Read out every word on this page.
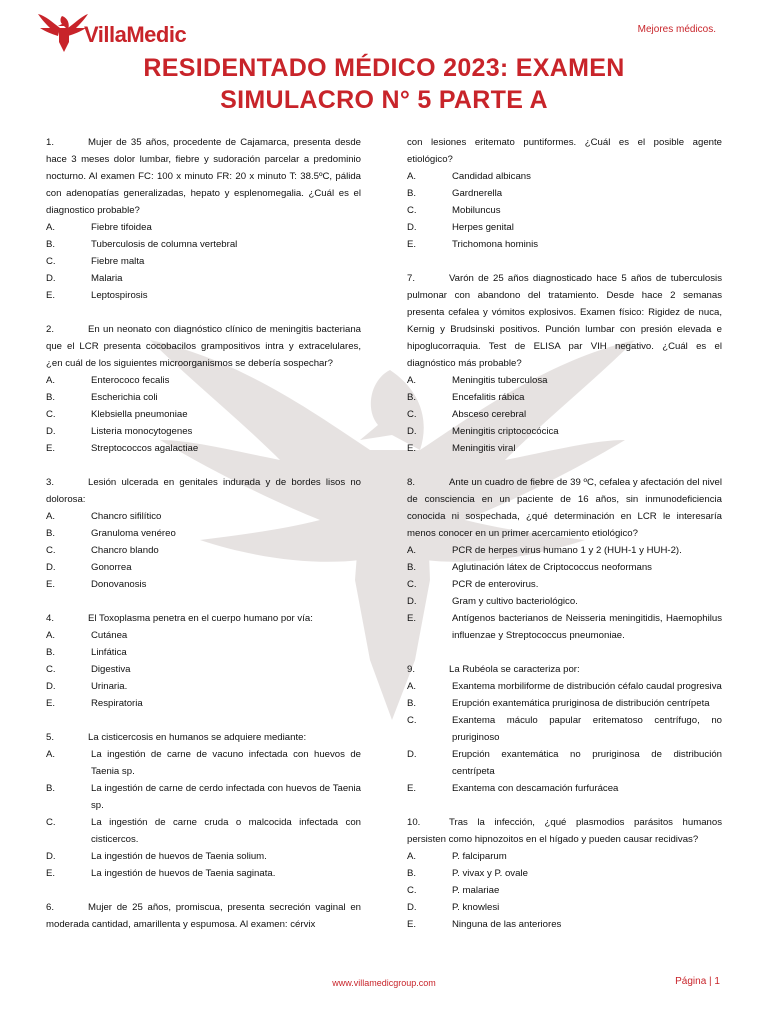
VillaMedic	Mejores médicos.
RESIDENTADO MÉDICO 2023: EXAMEN
SIMULACRO N° 5 PARTE A
1.	Mujer de 35 años, procedente de Cajamarca, presenta desde hace 3 meses dolor lumbar, fiebre y sudoración parcelar a predominio nocturno. Al examen FC: 100 x minuto FR: 20 x minuto T: 38.5ºC, pálida con adenopatías generalizadas, hepato y esplenomegalia. ¿Cuál es el diagnostico probable?
A.	Fiebre tifoidea
B.	Tuberculosis de columna vertebral
C.	Fiebre malta
D.	Malaria
E.	Leptospirosis
2.	En un neonato con diagnóstico clínico de meningitis bacteriana que el LCR presenta cocobacilos grampositivos intra y extracelulares, ¿en cuál de los siguientes microorganismos se debería sospechar?
A.	Enterococo fecalis
B.	Escherichia coli
C.	Klebsiella pneumoniae
D.	Listeria monocytogenes
E.	Streptococcos agalactiae
3.	Lesión ulcerada en genitales indurada y de bordes lisos no dolorosa:
A.	Chancro sifilítico
B.	Granuloma venéreo
C.	Chancro blando
D.	Gonorrea
E.	Donovanosis
4.	El Toxoplasma penetra en el cuerpo humano por vía:
A.	Cutánea
B.	Linfática
C.	Digestiva
D.	Urinaria.
E.	Respiratoria
5.	La cisticercosis en humanos se adquiere mediante:
A.	La ingestión de carne de vacuno infectada con huevos de Taenia sp.
B.	La ingestión de carne de cerdo infectada con huevos de Taenia sp.
C.	La ingestión de carne cruda o malcocida infectada con cisticercos.
D.	La ingestión de huevos de Taenia solium.
E.	La ingestión de huevos de Taenia saginata.
6.	Mujer de 25 años, promiscua, presenta secreción vaginal en moderada cantidad, amarillenta y espumosa. Al examen: cérvix
con lesiones eritemato puntiformes. ¿Cuál es el posible agente etiológico?
A.	Candidad albicans
B.	Gardnerella
C.	Mobiluncus
D.	Herpes genital
E.	Trichomona hominis
7.	Varón de 25 años diagnosticado hace 5 años de tuberculosis pulmonar con abandono del tratamiento. Desde hace 2 semanas presenta cefalea y vómitos explosivos. Examen físico: Rigidez de nuca, Kernig y Brudsinski positivos. Punción lumbar con presión elevada e hipoglucorraquia. Test de ELISA par VIH negativo. ¿Cuál es el diagnóstico más probable?
A.	Meningitis tuberculosa
B.	Encefalitis rábica
C.	Absceso cerebral
D.	Meningitis criptococócica
E.	Meningitis viral
8.	Ante un cuadro de fiebre de 39 ºC, cefalea y afectación del nivel de consciencia en un paciente de 16 años, sin inmunodeficiencia conocida ni sospechada, ¿qué determinación en LCR le interesaría menos conocer en un primer acercamiento etiológico?
A.	PCR de herpes virus humano 1 y 2 (HUH-1 y HUH-2).
B.	Aglutinación látex de Criptococcus neoformans
C.	PCR de enterovirus.
D.	Gram y cultivo bacteriológico.
E.	Antígenos bacterianos de Neisseria meningitidis, Haemophilus influenzae y Streptococcus pneumoniae.
9.	La Rubéola se caracteriza por:
A.	Exantema morbiliforme de distribución céfalo caudal progresiva
B.	Erupción exantemática pruriginosa de distribución centrípeta
C.	Exantema máculo papular eritematoso centrífugo, no pruriginoso
D.	Erupción exantemática no pruriginosa de distribución centrípeta
E.	Exantema con descamación furfurácea
10.	Tras la infección, ¿qué plasmodios parásitos humanos persisten como hipnozoitos en el hígado y pueden causar recidivas?
A.	P. falciparum
B.	P. vivax y P. ovale
C.	P. malariae
D.	P. knowlesi
E.	Ninguna de las anteriores
www.villamedicgroup.com	Página | 1
